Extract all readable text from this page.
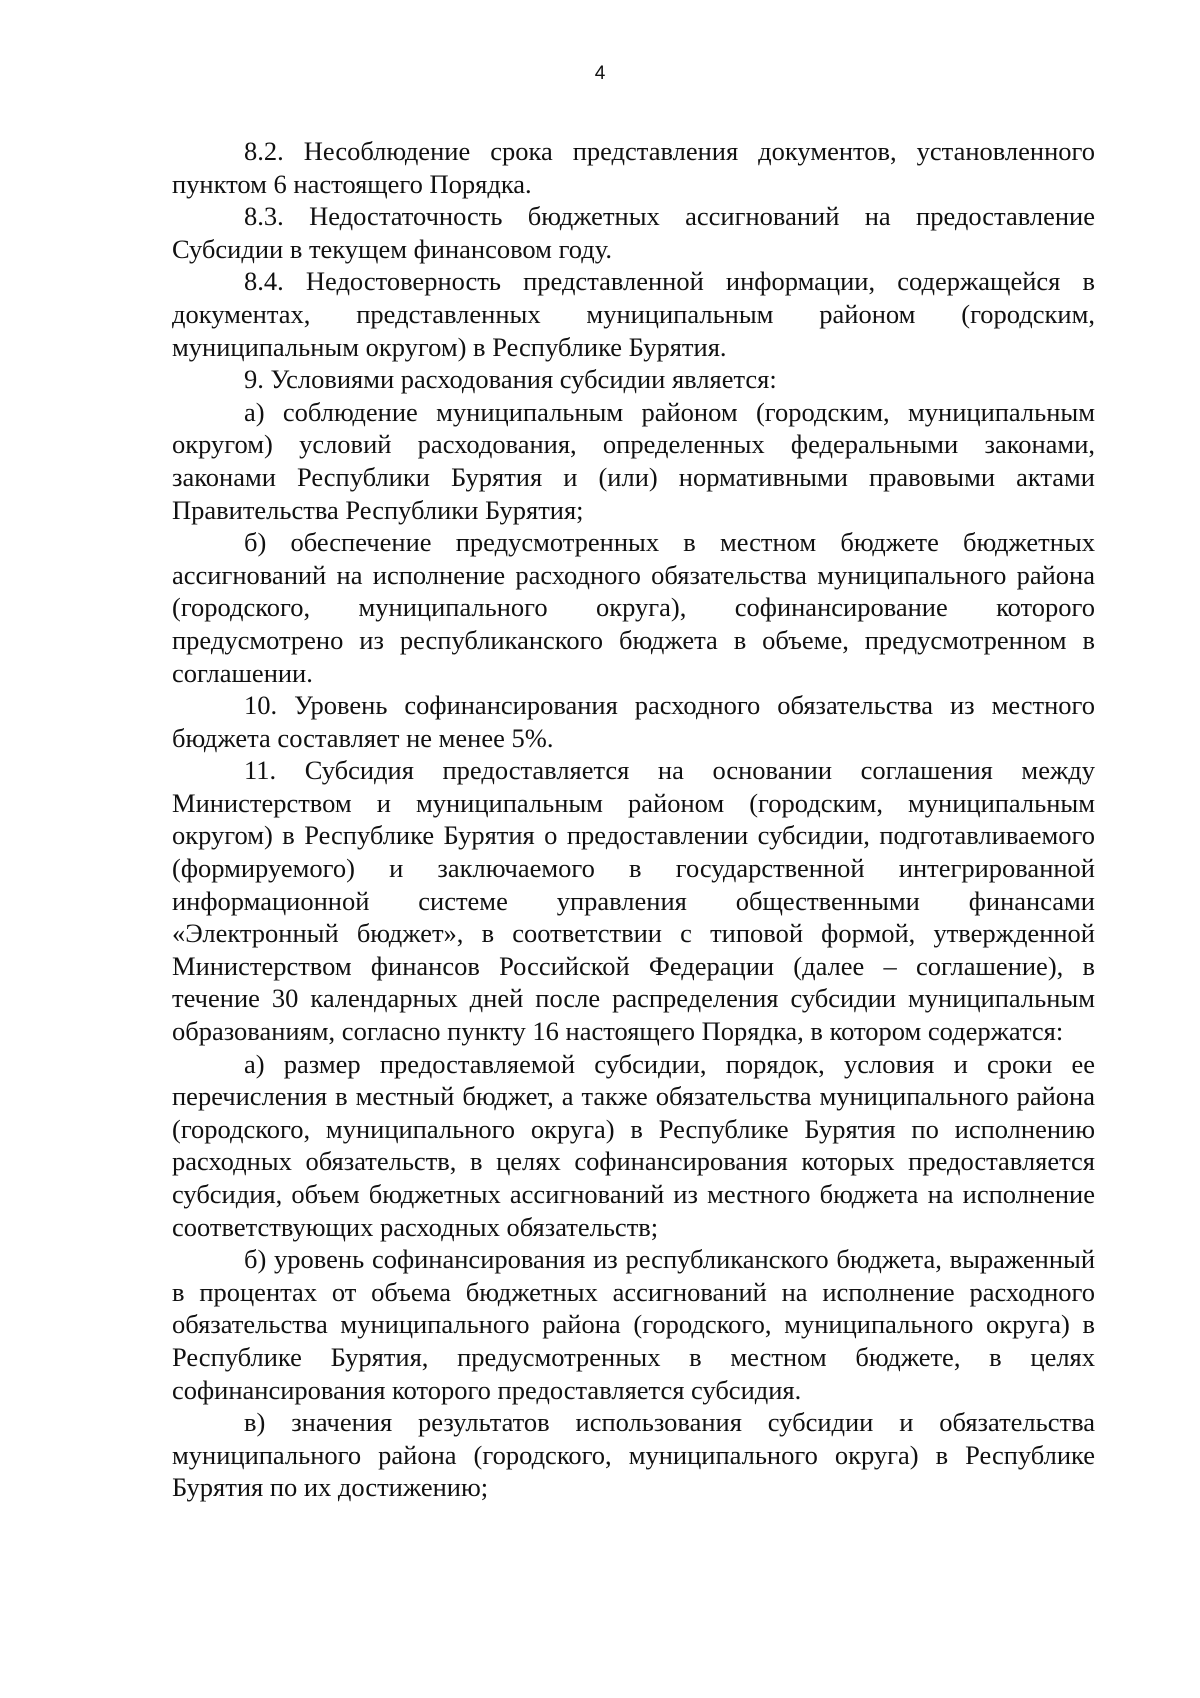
4

8.2. Несоблюдение срока представления документов, установленного пунктом 6 настоящего Порядка.

8.3. Недостаточность бюджетных ассигнований на предоставление Субсидии в текущем финансовом году.

8.4. Недостоверность представленной информации, содержащейся в документах, представленных муниципальным районом (городским, муниципальным округом) в Республике Бурятия.

9. Условиями расходования субсидии является:

а) соблюдение муниципальным районом (городским, муниципальным округом) условий расходования, определенных федеральными законами, законами Республики Бурятия и (или) нормативными правовыми актами Правительства Республики Бурятия;

б) обеспечение предусмотренных в местном бюджете бюджетных ассигнований на исполнение расходного обязательства муниципального района (городского, муниципального округа), софинансирование которого предусмотрено из республиканского бюджета в объеме, предусмотренном в соглашении.

10. Уровень софинансирования расходного обязательства из местного бюджета составляет не менее 5%.

11. Субсидия предоставляется на основании соглашения между Министерством и муниципальным районом (городским, муниципальным округом) в Республике Бурятия о предоставлении субсидии, подготавливаемого (формируемого) и заключаемого в государственной интегрированной информационной системе управления общественными финансами «Электронный бюджет», в соответствии с типовой формой, утвержденной Министерством финансов Российской Федерации (далее – соглашение), в течение 30 календарных дней после распределения субсидии муниципальным образованиям, согласно пункту 16 настоящего Порядка, в котором содержатся:

а) размер предоставляемой субсидии, порядок, условия и сроки ее перечисления в местный бюджет, а также обязательства муниципального района (городского, муниципального округа) в Республике Бурятия по исполнению расходных обязательств, в целях софинансирования которых предоставляется субсидия, объем бюджетных ассигнований из местного бюджета на исполнение соответствующих расходных обязательств;

б) уровень софинансирования из республиканского бюджета, выраженный в процентах от объема бюджетных ассигнований на исполнение расходного обязательства муниципального района (городского, муниципального округа) в Республике Бурятия, предусмотренных в местном бюджете, в целях софинансирования которого предоставляется субсидия.

в) значения результатов использования субсидии и обязательства муниципального района (городского, муниципального округа) в Республике Бурятия по их достижению;
